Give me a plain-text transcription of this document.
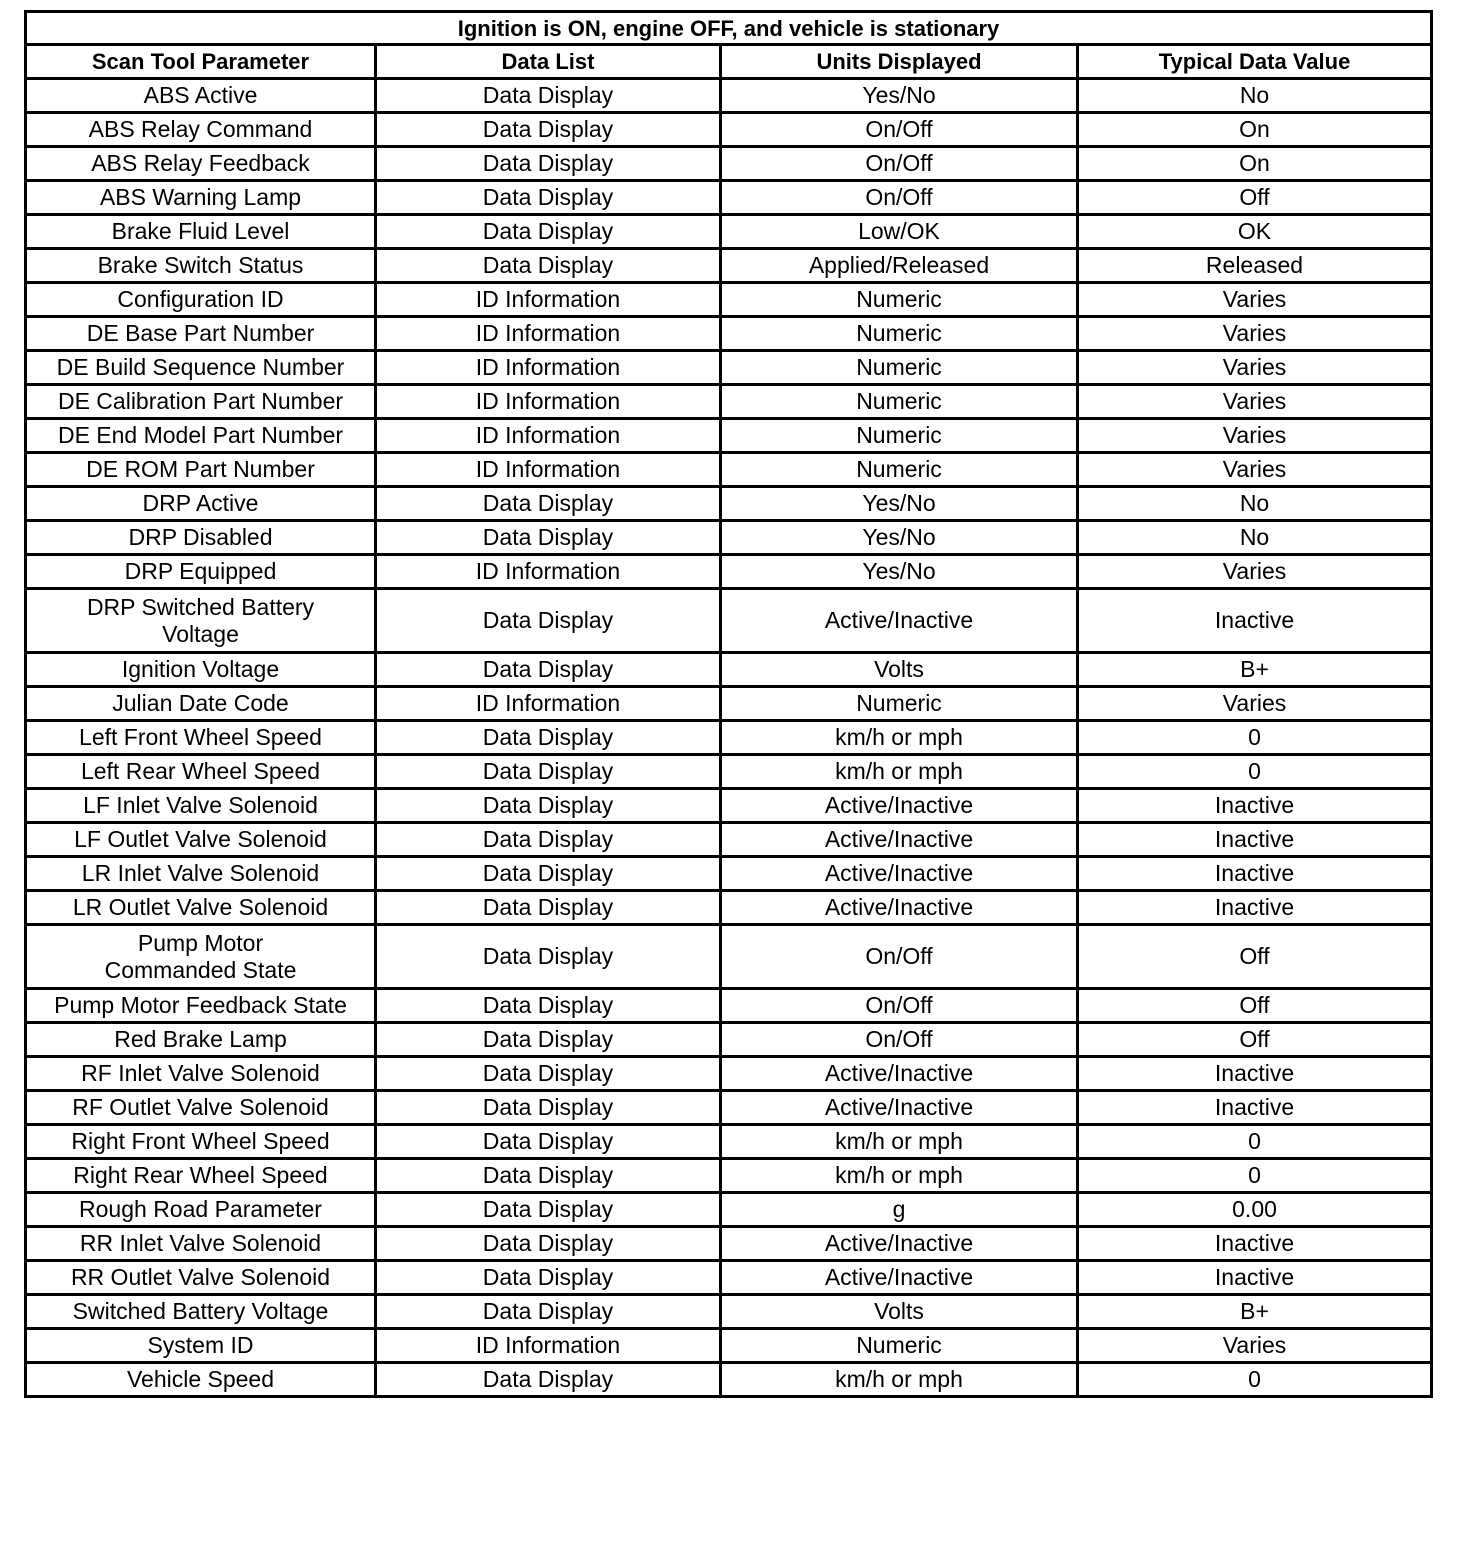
Ignition is ON, engine OFF, and vehicle is stationary			
Scan Tool Parameter	Data List	Units Displayed	Typical Data Value
ABS Active	Data Display	Yes/No	No
ABS Relay Command	Data Display	On/Off	On
ABS Relay Feedback	Data Display	On/Off	On
ABS Warning Lamp	Data Display	On/Off	Off
Brake Fluid Level	Data Display	Low/OK	OK
Brake Switch Status	Data Display	Applied/Released	Released
Configuration ID	ID Information	Numeric	Varies
DE Base Part Number	ID Information	Numeric	Varies
DE Build Sequence Number	ID Information	Numeric	Varies
DE Calibration Part Number	ID Information	Numeric	Varies
DE End Model Part Number	ID Information	Numeric	Varies
DE ROM Part Number	ID Information	Numeric	Varies
DRP Active	Data Display	Yes/No	No
DRP Disabled	Data Display	Yes/No	No
DRP Equipped	ID Information	Yes/No	Varies
DRP Switched Battery
Voltage	Data Display	Active/Inactive	Inactive
Ignition Voltage	Data Display	Volts	B+
Julian Date Code	ID Information	Numeric	Varies
Left Front Wheel Speed	Data Display	km/h or mph	0
Left Rear Wheel Speed	Data Display	km/h or mph	0
LF Inlet Valve Solenoid	Data Display	Active/Inactive	Inactive
LF Outlet Valve Solenoid	Data Display	Active/Inactive	Inactive
LR Inlet Valve Solenoid	Data Display	Active/Inactive	Inactive
LR Outlet Valve Solenoid	Data Display	Active/Inactive	Inactive
Pump Motor
Commanded State	Data Display	On/Off	Off
Pump Motor Feedback State	Data Display	On/Off	Off
Red Brake Lamp	Data Display	On/Off	Off
RF Inlet Valve Solenoid	Data Display	Active/Inactive	Inactive
RF Outlet Valve Solenoid	Data Display	Active/Inactive	Inactive
Right Front Wheel Speed	Data Display	km/h or mph	0
Right Rear Wheel Speed	Data Display	km/h or mph	0
Rough Road Parameter	Data Display	g	0.00
RR Inlet Valve Solenoid	Data Display	Active/Inactive	Inactive
RR Outlet Valve Solenoid	Data Display	Active/Inactive	Inactive
Switched Battery Voltage	Data Display	Volts	B+
System ID	ID Information	Numeric	Varies
Vehicle Speed	Data Display	km/h or mph	0
